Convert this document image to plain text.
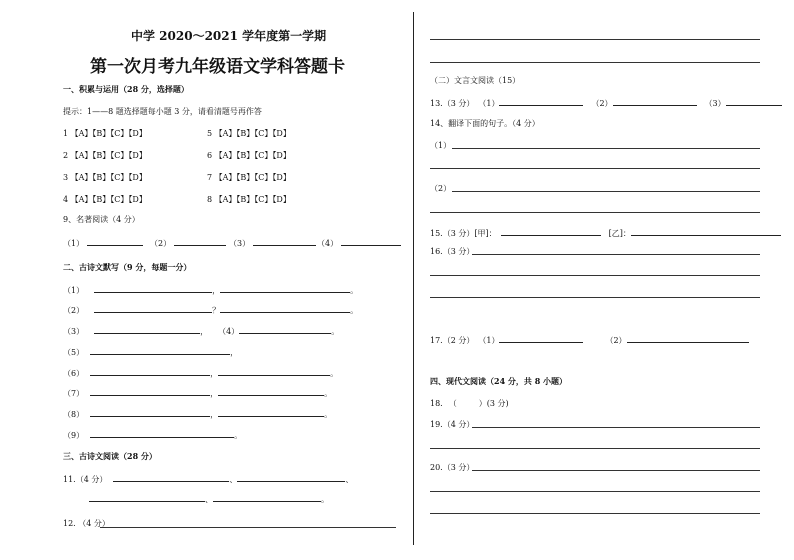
中学 2020～2021 学年度第一学期
第一次月考九年级语文学科答题卡
一、积累与运用（28 分，选择题）
提示：1——8 题选择题每小题 3 分，请看清题号再作答
1 【A】【B】【C】【D】
2 【A】【B】【C】【D】
3 【A】【B】【C】【D】
4 【A】【B】【C】【D】
5 【A】【B】【C】【D】
6 【A】【B】【C】【D】
7 【A】【B】【C】【D】
8 【A】【B】【C】【D】
9、名著阅读（4 分）
（1）	（2）	（3）	（4）
二、古诗文默写（9 分，每题一分）
（1）	，	。
（2）	？	。
（3）	， （4）	。
（5）	，
（6）	，	。
（7）	，	。
（8）	，	。
（9）	。
三、古诗文阅读（28 分）
11.（4 分）	、	、
、	。
12. （4 分）
（二）文言文阅读（15）
13.（3 分） （1）	（2）	（3）
14、翻译下面的句子。（4 分）
（1）
（2）
15.（3 分）[甲]：	[乙]：
16.（3 分）
17.（2 分） （1）	（2）
四、现代文阅读（24 分，共 8 小题）
18. （	）(3 分)
19.（4 分）
20.（3 分）
